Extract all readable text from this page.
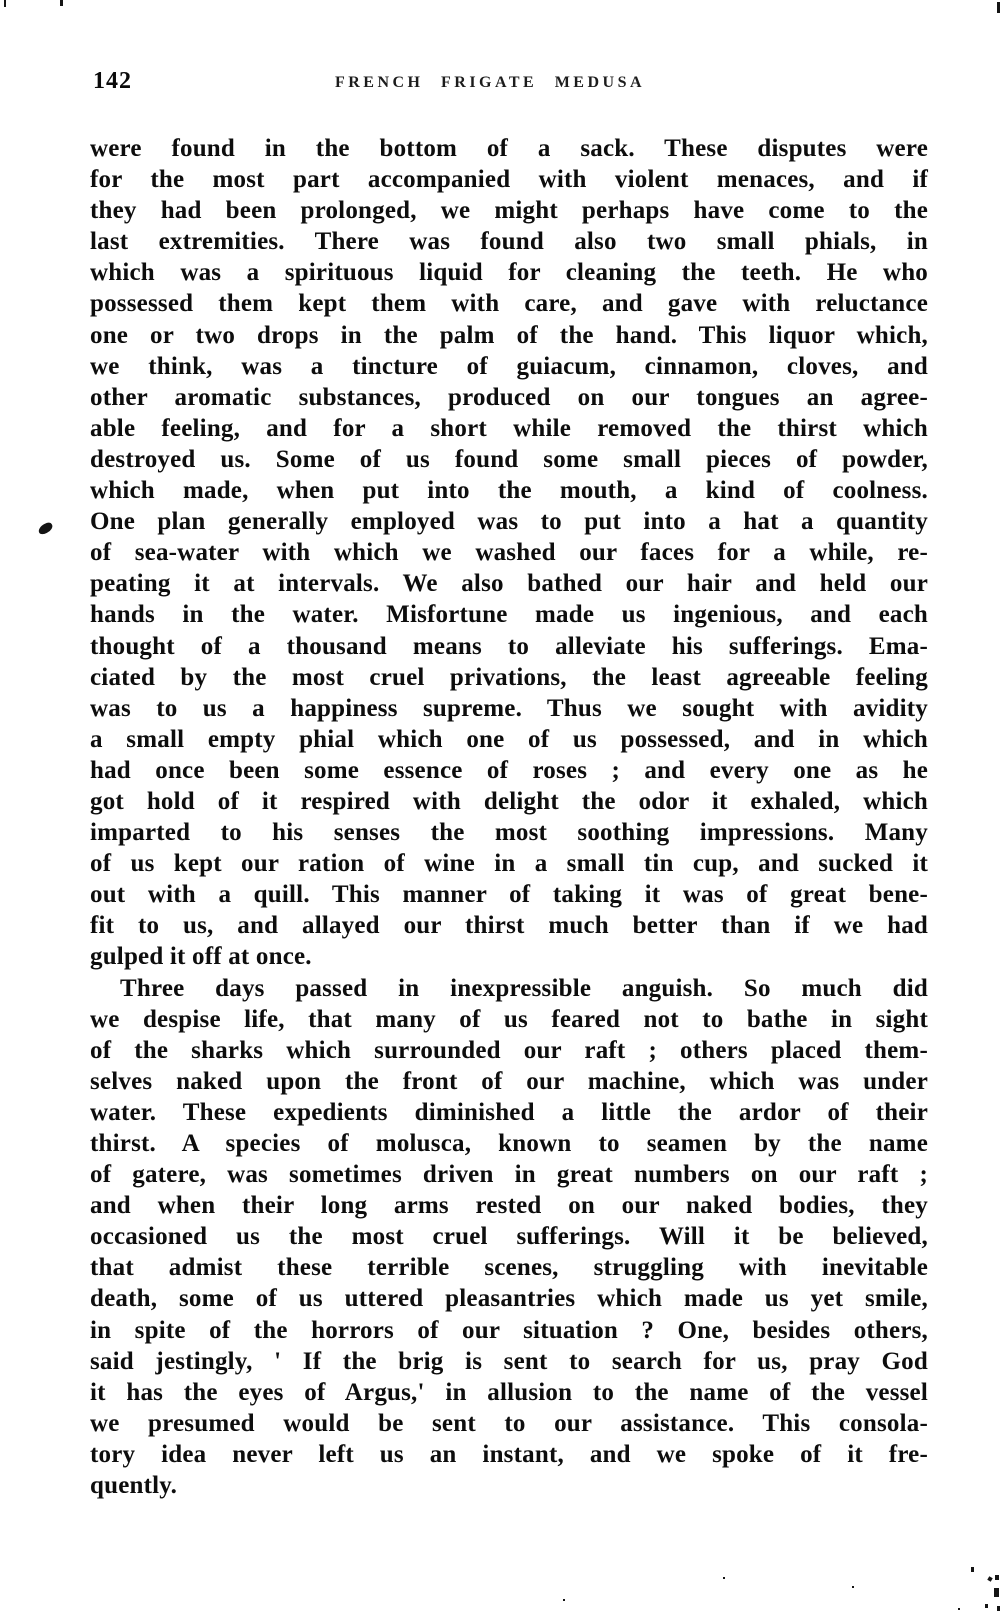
142	FRENCH FRIGATE MEDUSA
were found in the bottom of a sack. These disputes were
for the most part accompanied with violent menaces, and if
they had been prolonged, we might perhaps have come to the
last extremities. There was found also two small phials, in
which was a spirituous liquid for cleaning the teeth. He who
possessed them kept them with care, and gave with reluctance
one or two drops in the palm of the hand. This liquor which,
we think, was a tincture of guiacum, cinnamon, cloves, and
other aromatic substances, produced on our tongues an agree-
able feeling, and for a short while removed the thirst which
destroyed us. Some of us found some small pieces of powder,
which made, when put into the mouth, a kind of coolness.
One plan generally employed was to put into a hat a quantity
of sea-water with which we washed our faces for a while, re-
peating it at intervals. We also bathed our hair and held our
hands in the water. Misfortune made us ingenious, and each
thought of a thousand means to alleviate his sufferings. Ema-
ciated by the most cruel privations, the least agreeable feeling
was to us a happiness supreme. Thus we sought with avidity
a small empty phial which one of us possessed, and in which
had once been some essence of roses ; and every one as he
got hold of it respired with delight the odor it exhaled, which
imparted to his senses the most soothing impressions. Many
of us kept our ration of wine in a small tin cup, and sucked it
out with a quill. This manner of taking it was of great bene-
fit to us, and allayed our thirst much better than if we had
gulped it off at once.
Three days passed in inexpressible anguish. So much did
we despise life, that many of us feared not to bathe in sight
of the sharks which surrounded our raft ; others placed them-
selves naked upon the front of our machine, which was under
water. These expedients diminished a little the ardor of their
thirst. A species of molusca, known to seamen by the name
of gatere, was sometimes driven in great numbers on our raft ;
and when their long arms rested on our naked bodies, they
occasioned us the most cruel sufferings. Will it be believed,
that admist these terrible scenes, struggling with inevitable
death, some of us uttered pleasantries which made us yet smile,
in spite of the horrors of our situation ? One, besides others,
said jestingly, ' If the brig is sent to search for us, pray God
it has the eyes of Argus,' in allusion to the name of the vessel
we presumed would be sent to our assistance. This consola-
tory idea never left us an instant, and we spoke of it fre-
quently.
